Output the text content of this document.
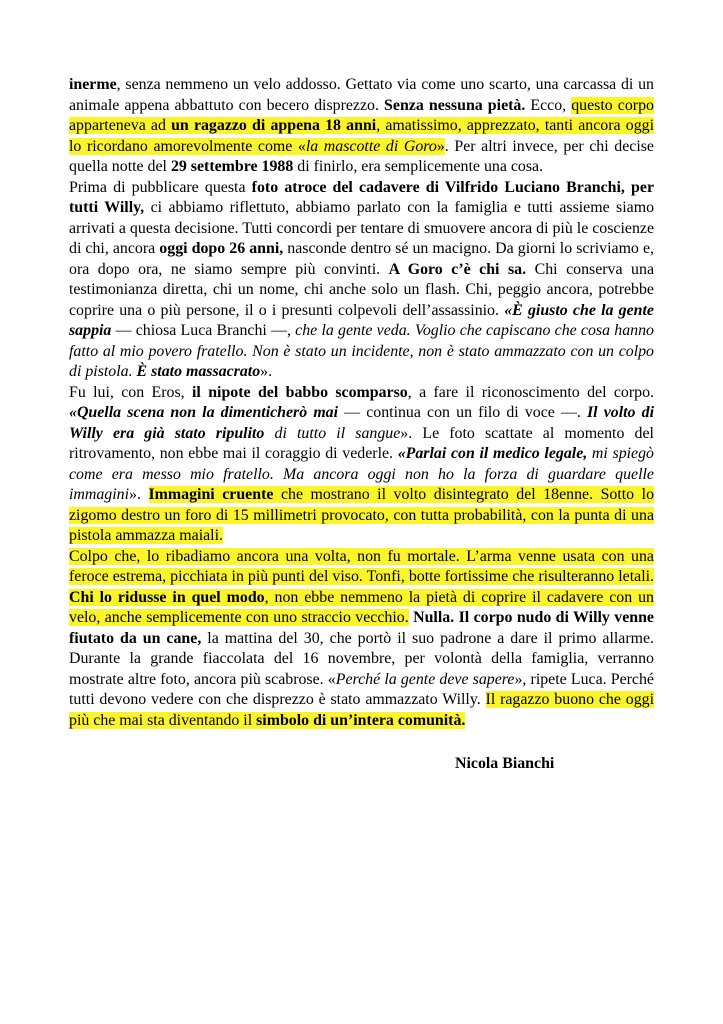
inerme, senza nemmeno un velo addosso. Gettato via come uno scarto, una carcassa di un animale appena abbattuto con becero disprezzo. Senza nessuna pietà. Ecco, questo corpo apparteneva ad un ragazzo di appena 18 anni, amatissimo, apprezzato, tanti ancora oggi lo ricordano amorevolmente come «la mascotte di Goro». Per altri invece, per chi decise quella notte del 29 settembre 1988 di finirlo, era semplicemente una cosa.

Prima di pubblicare questa foto atroce del cadavere di Vilfrido Luciano Branchi, per tutti Willy, ci abbiamo riflettuto, abbiamo parlato con la famiglia e tutti assieme siamo arrivati a questa decisione. Tutti concordi per tentare di smuovere ancora di più le coscienze di chi, ancora oggi dopo 26 anni, nasconde dentro sé un macigno. Da giorni lo scriviamo e, ora dopo ora, ne siamo sempre più convinti. A Goro c’è chi sa. Chi conserva una testimonianza diretta, chi un nome, chi anche solo un flash. Chi, peggio ancora, potrebbe coprire una o più persone, il o i presunti colpevoli dell’assassinio. «È giusto che la gente sappia — chiosa Luca Branchi —, che la gente veda. Voglio che capiscano che cosa hanno fatto al mio povero fratello. Non è stato un incidente, non è stato ammazzato con un colpo di pistola. È stato massacrato».

Fu lui, con Eros, il nipote del babbo scomparso, a fare il riconoscimento del corpo. «Quella scena non la dimenticherò mai — continua con un filo di voce —. Il volto di Willy era già stato ripulito di tutto il sangue». Le foto scattate al momento del ritrovamento, non ebbe mai il coraggio di vederle. «Parlai con il medico legale, mi spiegò come era messo mio fratello. Ma ancora oggi non ho la forza di guardare quelle immagini». Immagini cruente che mostrano il volto disintegrato del 18enne. Sotto lo zigomo destro un foro di 15 millimetri provocato, con tutta probabilità, con la punta di una pistola ammazza maiali.

Colpo che, lo ribadiamo ancora una volta, non fu mortale. L’arma venne usata con una feroce estrema, picchiata in più punti del viso. Tonfi, botte fortissime che risulteranno letali. Chi lo ridusse in quel modo, non ebbe nemmeno la pietà di coprire il cadavere con un velo, anche semplicemente con uno straccio vecchio. Nulla. Il corpo nudo di Willy venne fiutato da un cane, la mattina del 30, che portò il suo padrone a dare il primo allarme. Durante la grande fiaccolata del 16 novembre, per volontà della famiglia, verranno mostrate altre foto, ancora più scabrose. «Perché la gente deve sapere», ripete Luca. Perché tutti devono vedere con che disprezzo è stato ammazzato Willy. Il ragazzo buono che oggi più che mai sta diventando il simbolo di un’intera comunità.

Nicola Bianchi
